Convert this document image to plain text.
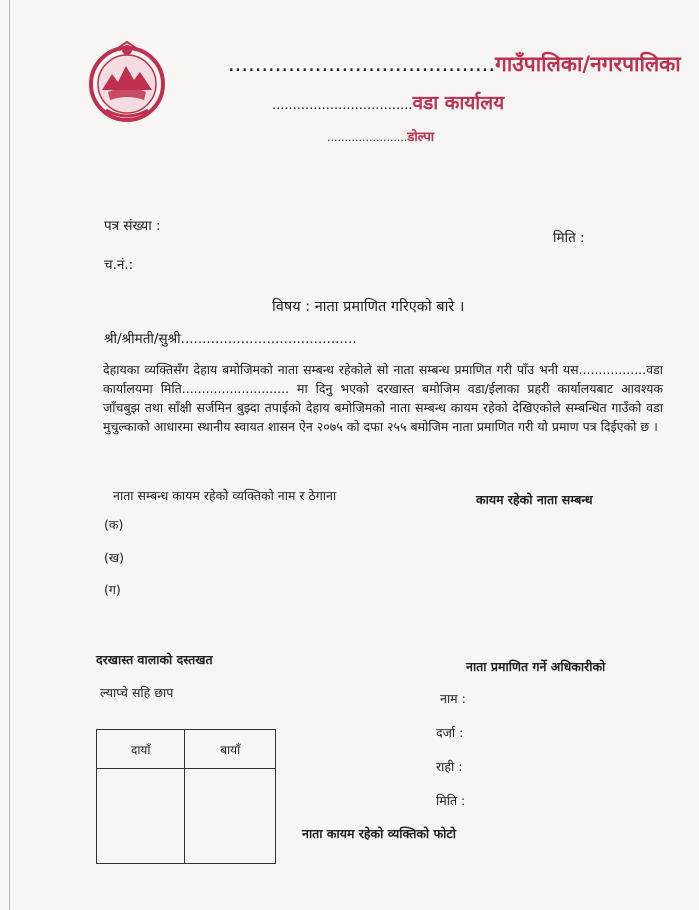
........................................गाउँपालिका/नगरपालिका
..................................वडा कार्यालय
.......................डोल्पा
पत्र संख्या :
मिति :
च.नं.:
विषय : नाता प्रमाणित गरिएको बारे ।
श्री/श्रीमती/सुश्री.........................................
देहायका व्यक्तिसँग देहाय बमोजिमको नाता सम्बन्ध रहेकोले सो नाता सम्बन्ध प्रमाणित गरी पाँउ भनी यस.................वडा कार्यालयमा मिति........................... मा दिनु भएको दरखास्त बमोजिम वडा/ईलाका प्रहरी कार्यालयबाट आवश्यक जाँचबुझ तथा साँक्षी सर्जमिन बुझ्दा तपाईको देहाय बमोजिमको नाता सम्बन्ध कायम रहेको देखिएकोले सम्बन्धित गाउँको वडा मुचुल्काको आधारमा स्थानीय स्वायत शासन ऐन २०७५ को दफा २५५ बमोजिम नाता प्रमाणित गरी यो प्रमाण पत्र दिईएको छ ।
नाता सम्बन्ध कायम रहेको व्यक्तिको नाम र ठेगाना	कायम रहेको नाता सम्बन्ध
(क)
(ख)
(ग)
दरखास्त वालाको दस्तखत
ल्याप्चे सहि छाप
दायाँ	बायाँ

नाता प्रमाणित गर्ने अधिकारीको
नाम :
दर्जा :
राही :
मिति :
नाता कायम रहेको व्यक्तिको फोटो
